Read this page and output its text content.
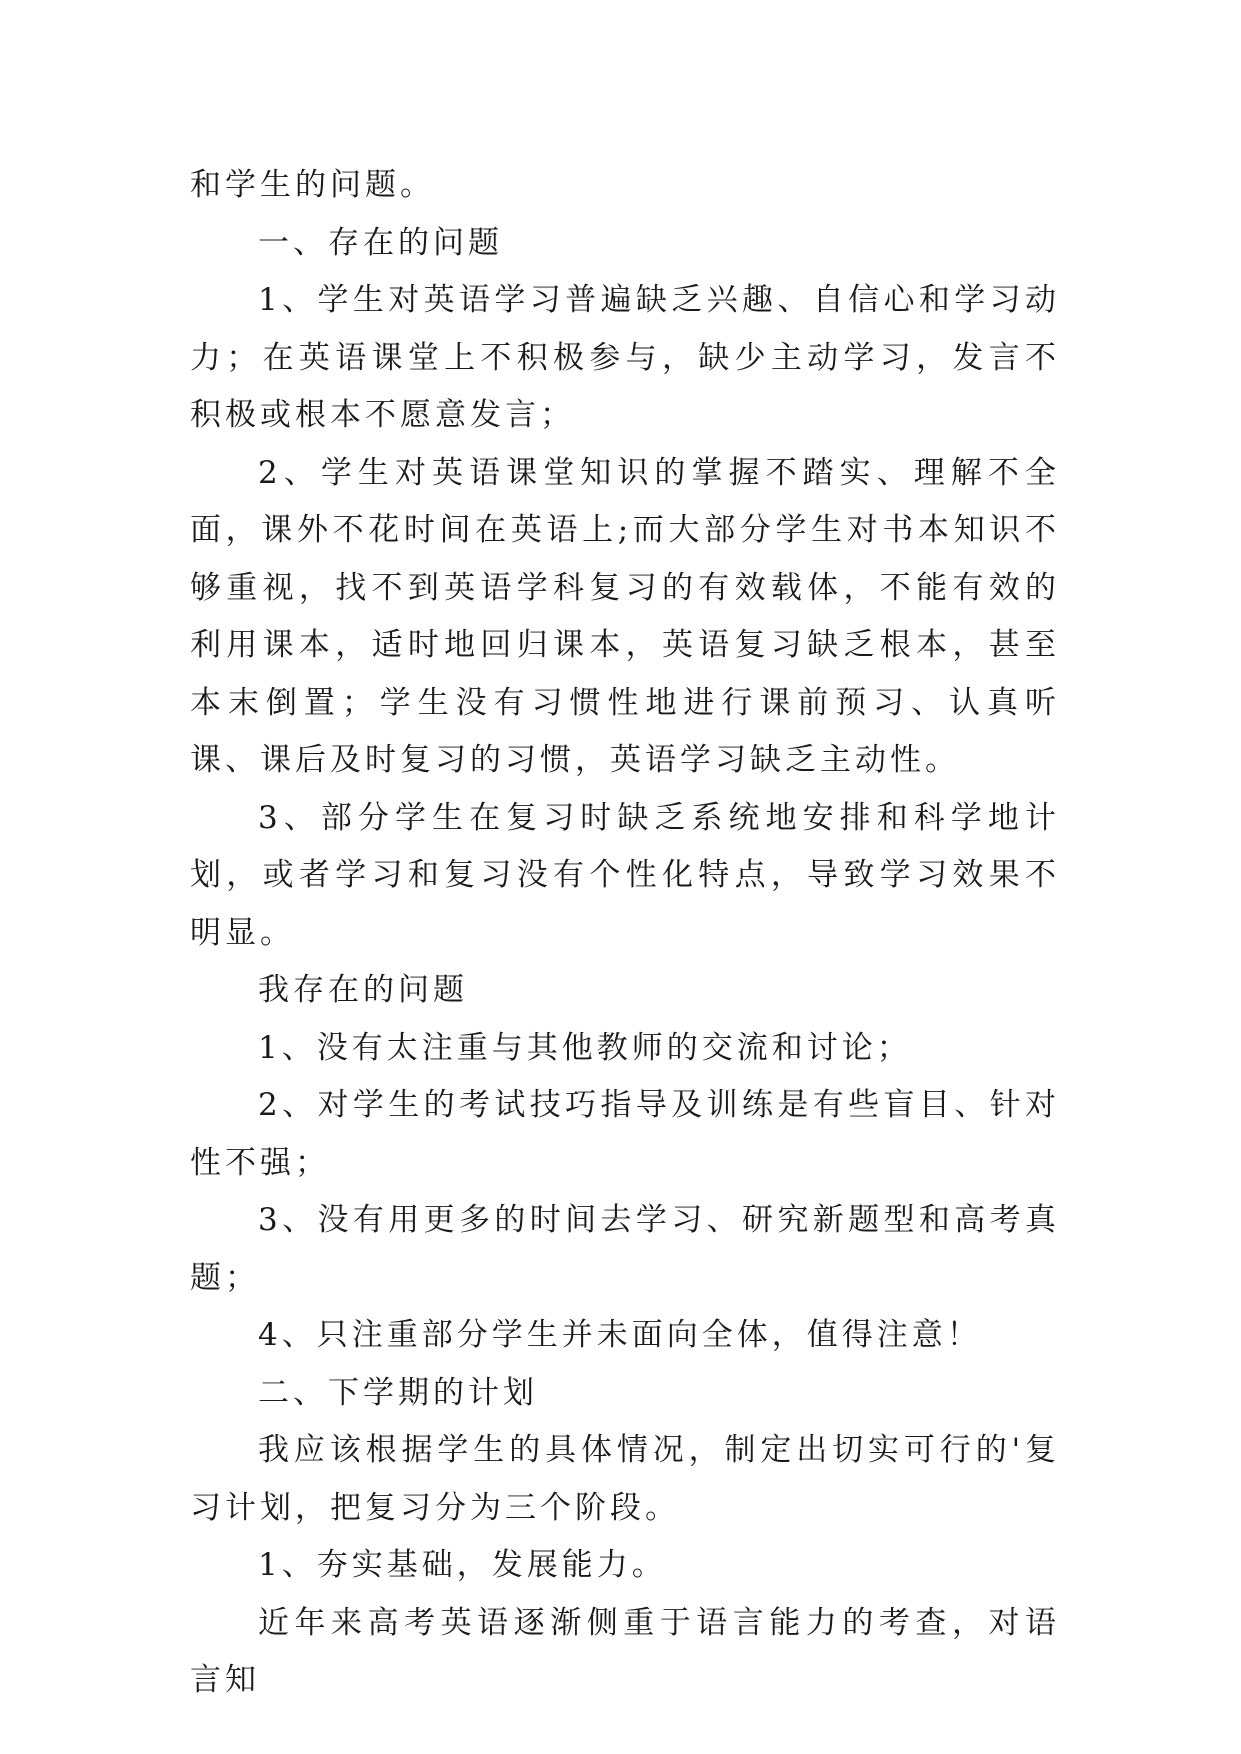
和学生的问题。

一、存在的问题

1、学生对英语学习普遍缺乏兴趣、自信心和学习动力；在英语课堂上不积极参与，缺少主动学习，发言不积极或根本不愿意发言；

2、学生对英语课堂知识的掌握不踏实、理解不全面，课外不花时间在英语上;而大部分学生对书本知识不够重视，找不到英语学科复习的有效载体，不能有效的利用课本，适时地回归课本，英语复习缺乏根本，甚至本末倒置；学生没有习惯性地进行课前预习、认真听课、课后及时复习的习惯，英语学习缺乏主动性。

3、部分学生在复习时缺乏系统地安排和科学地计划，或者学习和复习没有个性化特点，导致学习效果不明显。

我存在的问题

1、没有太注重与其他教师的交流和讨论；

2、对学生的考试技巧指导及训练是有些盲目、针对性不强；

3、没有用更多的时间去学习、研究新题型和高考真题；

4、只注重部分学生并未面向全体，值得注意！

二、下学期的计划

我应该根据学生的具体情况，制定出切实可行的'复习计划，把复习分为三个阶段。

1、夯实基础，发展能力。

近年来高考英语逐渐侧重于语言能力的考查，对语言知
